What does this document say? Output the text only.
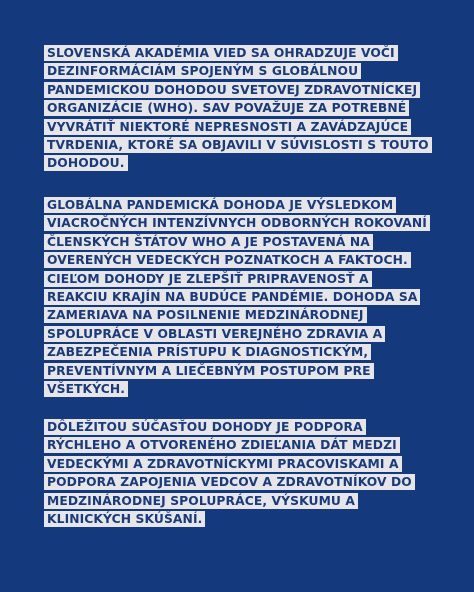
SLOVENSKÁ AKADÉMIA VIED SA OHRADZUJE VOČI
DEZINFORMÁCIÁM SPOJENÝM S GLOBÁLNOU
PANDEMICKOU DOHODOU SVETOVEJ ZDRAVOTNÍCKEJ
ORGANIZÁCIE (WHO). SAV POVAŽUJE ZA POTREBNÉ
VYVRÁTIŤ NIEKTORÉ NEPRESNOSTI A ZAVÁDZAJÚCE
TVRDENIA, KTORÉ SA OBJAVILI V SÚVISLOSTI S TOUTO
DOHODOU.

GLOBÁLNA PANDEMICKÁ DOHODA JE VÝSLEDKOM
VIACROČNÝCH INTENZÍVNYCH ODBORNÝCH ROKOVANÍ
ČLENSKÝCH ŠTÁTOV WHO A JE POSTAVENÁ NA
OVERENÝCH VEDECKÝCH POZNATKOCH A FAKTOCH.
CIEĽOM DOHODY JE ZLEPŠIŤ PRIPRAVENOSŤ A
REAKCIU KRAJÍN NA BUDÚCE PANDÉMIE. DOHODA SA
ZAMERIAVA NA POSILNENIE MEDZINÁRODNEJ
SPOLUPRÁCE V OBLASTI VEREJNÉHO ZDRAVIA A
ZABEZPEČENIA PRÍSTUPU K DIAGNOSTICKÝM,
PREVENTÍVNYM A LIEČEBNÝM POSTUPOM PRE
VŠETKÝCH.

DÔLEŽITOU SÚČASŤOU DOHODY JE PODPORA
RÝCHLEHO A OTVORENÉHO ZDIEĽANIA DÁT MEDZI
VEDECKÝMI A ZDRAVOTNÍCKYMI PRACOVISKAMI A
PODPORA ZAPOJENIA VEDCOV A ZDRAVOTNÍKOV DO
MEDZINÁRODNEJ SPOLUPRÁCE, VÝSKUMU A
KLINICKÝCH SKÚŠANÍ.
